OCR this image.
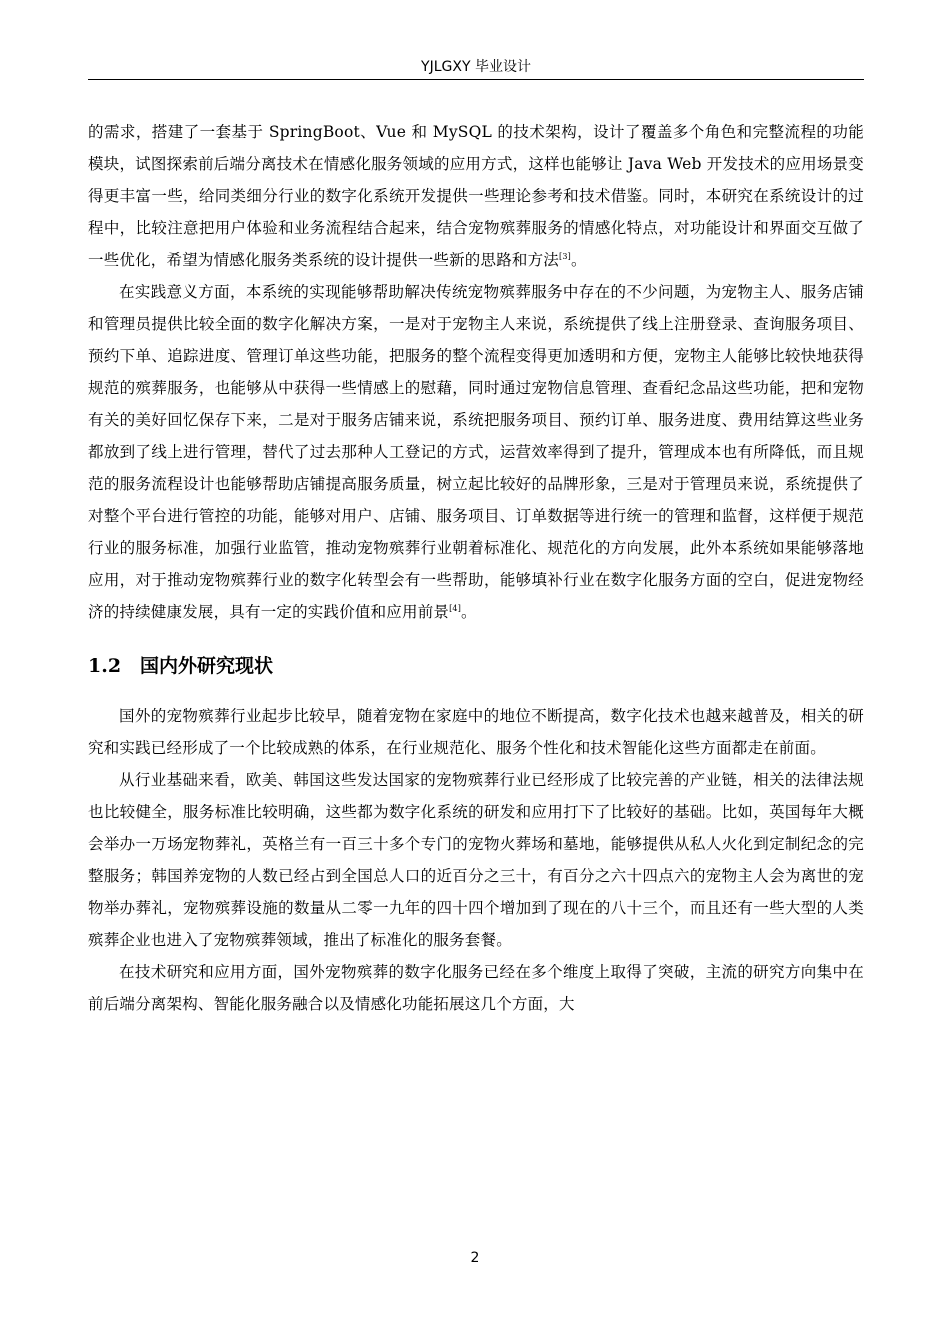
YJLGXY 毕业设计

的需求，搭建了一套基于 SpringBoot、Vue 和 MySQL 的技术架构，设计了覆盖多个角色和完整流程的功能模块，试图探索前后端分离技术在情感化服务领域的应用方式，这样也能够让 Java Web 开发技术的应用场景变得更丰富一些，给同类细分行业的数字化系统开发提供一些理论参考和技术借鉴。同时，本研究在系统设计的过程中，比较注意把用户体验和业务流程结合起来，结合宠物殡葬服务的情感化特点，对功能设计和界面交互做了一些优化，希望为情感化服务类系统的设计提供一些新的思路和方法[3]。

在实践意义方面，本系统的实现能够帮助解决传统宠物殡葬服务中存在的不少问题，为宠物主人、服务店铺和管理员提供比较全面的数字化解决方案，一是对于宠物主人来说，系统提供了线上注册登录、查询服务项目、预约下单、追踪进度、管理订单这些功能，把服务的整个流程变得更加透明和方便，宠物主人能够比较快地获得规范的殡葬服务，也能够从中获得一些情感上的慰藉，同时通过宠物信息管理、查看纪念品这些功能，把和宠物有关的美好回忆保存下来，二是对于服务店铺来说，系统把服务项目、预约订单、服务进度、费用结算这些业务都放到了线上进行管理，替代了过去那种人工登记的方式，运营效率得到了提升，管理成本也有所降低，而且规范的服务流程设计也能够帮助店铺提高服务质量，树立起比较好的品牌形象，三是对于管理员来说，系统提供了对整个平台进行管控的功能，能够对用户、店铺、服务项目、订单数据等进行统一的管理和监督，这样便于规范行业的服务标准，加强行业监管，推动宠物殡葬行业朝着标准化、规范化的方向发展，此外本系统如果能够落地应用，对于推动宠物殡葬行业的数字化转型会有一些帮助，能够填补行业在数字化服务方面的空白，促进宠物经济的持续健康发展，具有一定的实践价值和应用前景[4]。

1.2 国内外研究现状

国外的宠物殡葬行业起步比较早，随着宠物在家庭中的地位不断提高，数字化技术也越来越普及，相关的研究和实践已经形成了一个比较成熟的体系，在行业规范化、服务个性化和技术智能化这些方面都走在前面。

从行业基础来看，欧美、韩国这些发达国家的宠物殡葬行业已经形成了比较完善的产业链，相关的法律法规也比较健全，服务标准比较明确，这些都为数字化系统的研发和应用打下了比较好的基础。比如，英国每年大概会举办一万场宠物葬礼，英格兰有一百三十多个专门的宠物火葬场和墓地，能够提供从私人火化到定制纪念的完整服务；韩国养宠物的人数已经占到全国总人口的近百分之三十，有百分之六十四点六的宠物主人会为离世的宠物举办葬礼，宠物殡葬设施的数量从二零一九年的四十四个增加到了现在的八十三个，而且还有一些大型的人类殡葬企业也进入了宠物殡葬领域，推出了标准化的服务套餐。

在技术研究和应用方面，国外宠物殡葬的数字化服务已经在多个维度上取得了突破，主流的研究方向集中在前后端分离架构、智能化服务融合以及情感化功能拓展这几个方面，大

2
